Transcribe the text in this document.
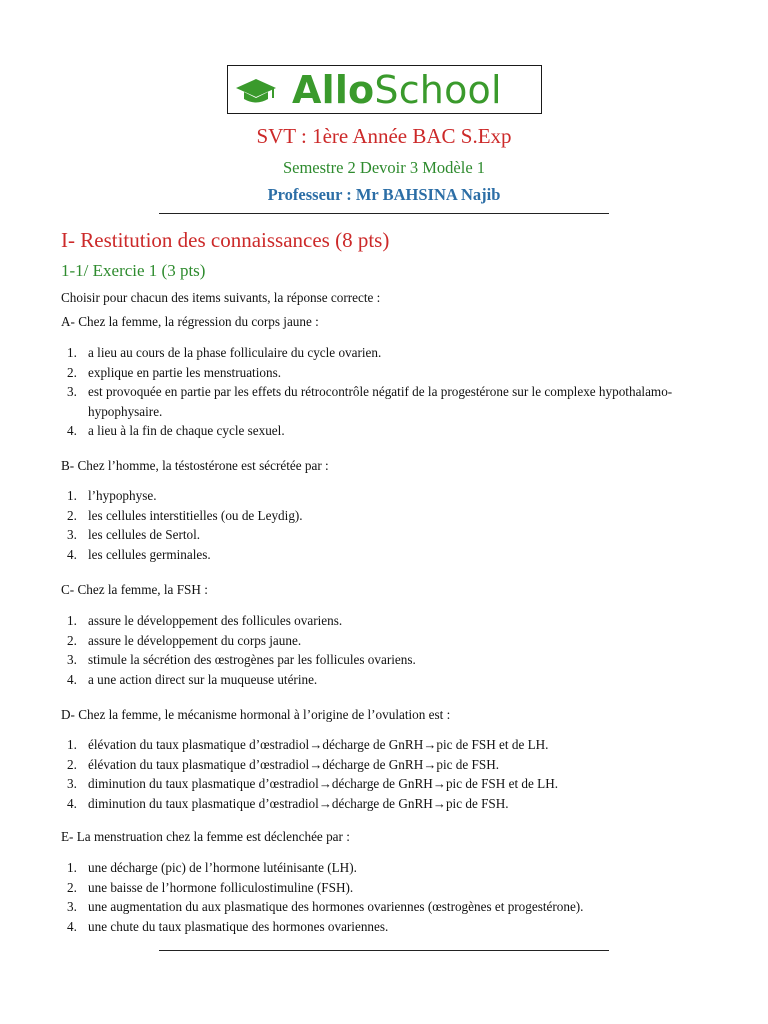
AlloSchool
SVT : 1ère Année BAC S.Exp
Semestre 2 Devoir 3 Modèle 1
Professeur : Mr BAHSINA Najib
I- Restitution des connaissances (8 pts)
1-1/ Exercie 1 (3 pts)
Choisir pour chacun des items suivants, la réponse correcte :
A- Chez la femme, la régression du corps jaune :
1. a lieu au cours de la phase folliculaire du cycle ovarien.
2. explique en partie les menstruations.
3. est provoquée en partie par les effets du rétrocontrôle négatif de la progestérone sur le complexe hypothalamo-hypophysaire.
4. a lieu à la fin de chaque cycle sexuel.
B- Chez l’homme, la téstostérone est sécrétée par :
1. l’hypophyse.
2. les cellules interstitielles (ou de Leydig).
3. les cellules de Sertol.
4. les cellules germinales.
C- Chez la femme, la FSH :
1. assure le développement des follicules ovariens.
2. assure le développement du corps jaune.
3. stimule la sécrétion des œstrogènes par les follicules ovariens.
4. a une action direct sur la muqueuse utérine.
D- Chez la femme, le mécanisme hormonal à l’origine de l’ovulation est :
1. élévation du taux plasmatique d’œstradiol→décharge de GnRH→pic de FSH et de LH.
2. élévation du taux plasmatique d’œstradiol→décharge de GnRH→pic de FSH.
3. diminution du taux plasmatique d’œstradiol→décharge de GnRH→pic de FSH et de LH.
4. diminution du taux plasmatique d’œstradiol→décharge de GnRH→pic de FSH.
E- La menstruation chez la femme est déclenchée par :
1. une décharge (pic) de l’hormone lutéinisante (LH).
2. une baisse de l’hormone folliculostimuline (FSH).
3. une augmentation du aux plasmatique des hormones ovariennes (œstrogènes et progestérone).
4. une chute du taux plasmatique des hormones ovariennes.
